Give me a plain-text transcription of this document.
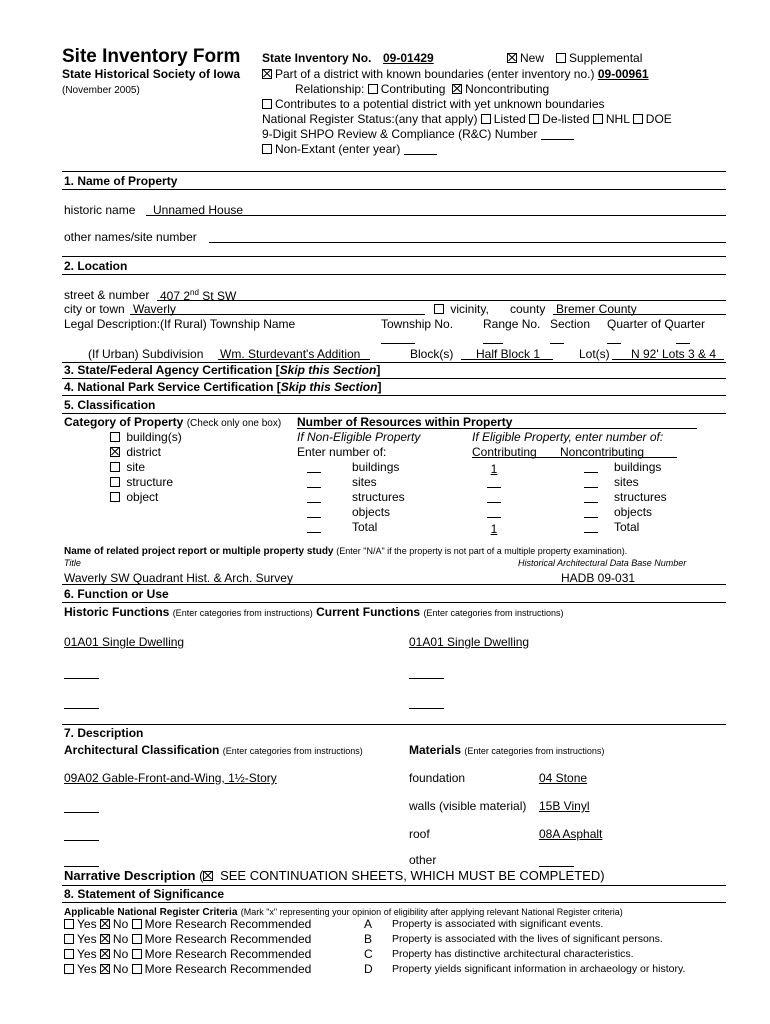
Site Inventory Form
State Historical Society of Iowa
(November 2005)
State Inventory No. 09-01429	New	Supplemental
Part of a district with known boundaries (enter inventory no.) 09-00961
Relationship: Contributing Noncontributing
Contributes to a potential district with yet unknown boundaries
National Register Status:(any that apply) Listed De-listed NHL DOE
9-Digit SHPO Review & Compliance (R&C) Number
Non-Extant (enter year)
1. Name of Property
historic name Unnamed House
other names/site number
2. Location
street & number 407 2nd St SW
city or town Waverly	vicinity, county Bremer County
Legal Description:(If Rural) Township Name	Township No. Range No. Section Quarter of Quarter
(If Urban) Subdivision Wm. Sturdevant's Addition	Block(s) Half Block 1	Lot(s) N 92' Lots 3 & 4
3. State/Federal Agency Certification [Skip this Section]
4. National Park Service Certification [Skip this Section]
5. Classification
Category of Property (Check only one box)
building(s)
district
site
structure
object
Number of Resources within Property
If Non-Eligible Property
Enter number of:
If Eligible Property, enter number of:
Contributing Noncontributing
buildings	1	buildings
sites	sites
structures	structures
objects	objects
Total	1	Total
Name of related project report or multiple property study (Enter "N/A" if the property is not part of a multiple property examination).
Title	Historical Architectural Data Base Number
Waverly SW Quadrant Hist. & Arch. Survey	HADB 09-031
6. Function or Use
Historic Functions (Enter categories from instructions) Current Functions (Enter categories from instructions)
01A01 Single Dwelling	01A01 Single Dwelling
7. Description
Architectural Classification (Enter categories from instructions)	Materials (Enter categories from instructions)
09A02 Gable-Front-and-Wing, 1½-Story	foundation	04 Stone
walls (visible material) 15B Vinyl
roof	08A Asphalt
other
Narrative Description ( SEE CONTINUATION SHEETS, WHICH MUST BE COMPLETED)
8. Statement of Significance
Applicable National Register Criteria (Mark "x" representing your opinion of eligibility after applying relevant National Register criteria)
Yes No More Research Recommended	A Property is associated with significant events.
Yes No More Research Recommended	B Property is associated with the lives of significant persons.
Yes No More Research Recommended	C Property has distinctive architectural characteristics.
Yes No More Research Recommended	D Property yields significant information in archaeology or history.
